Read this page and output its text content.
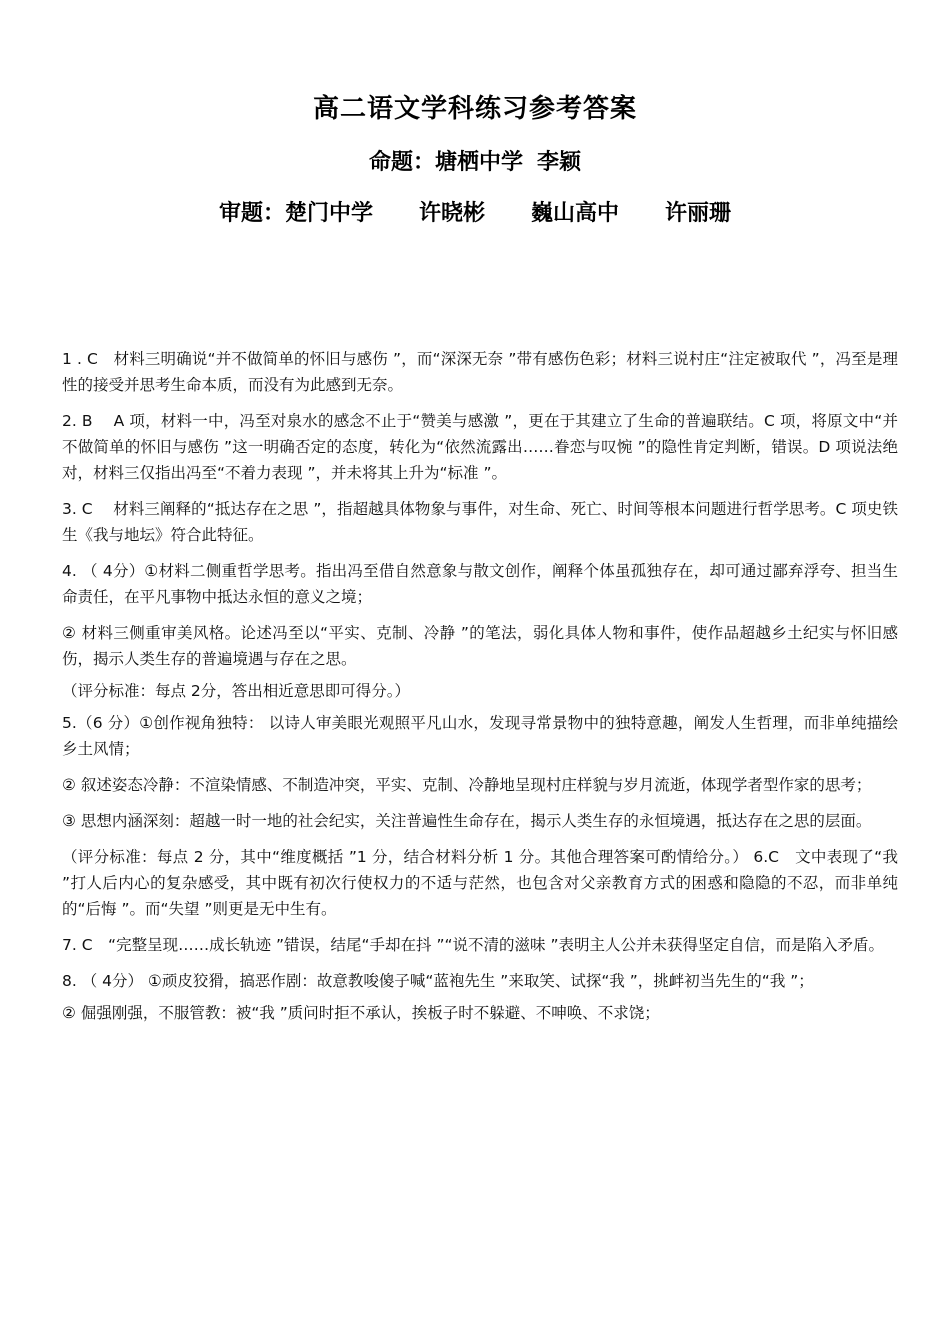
高二语文学科练习参考答案
命题：塘栖中学 李颖
审题：楚门中学 许晓彬 巍山高中 许丽珊

1 . C　材料三明确说“并不做简单的怀旧与感伤 ”，而“深深无奈 ”带有感伤色彩；材料三说村庄“注定被取代 ”，冯至是理性的接受并思考生命本质，而没有为此感到无奈。

2. B　 A 项，材料一中，冯至对泉水的感念不止于“赞美与感激 ”，更在于其建立了生命的普遍联结。C 项，将原文中“并不做简单的怀旧与感伤 ”这一明确否定的态度，转化为“依然流露出……眷恋与叹惋 ”的隐性肯定判断，错误。D 项说法绝对，材料三仅指出冯至“不着力表现 ”，并未将其上升为“标准 ”。

3. C　 材料三阐释的“抵达存在之思 ”，指超越具体物象与事件，对生命、死亡、时间等根本问题进行哲学思考。C 项史铁生《我与地坛》符合此特征。

4. （ 4分）①材料二侧重哲学思考。指出冯至借自然意象与散文创作，阐释个体虽孤独存在，却可通过鄙弃浮夸、担当生命责任，在平凡事物中抵达永恒的意义之境；

② 材料三侧重审美风格。论述冯至以“平实、克制、冷静 ”的笔法，弱化具体人物和事件，使作品超越乡土纪实与怀旧感伤，揭示人类生存的普遍境遇与存在之思。

（评分标准：每点 2分，答出相近意思即可得分。）

5.（6 分）①创作视角独特： 以诗人审美眼光观照平凡山水，发现寻常景物中的独特意趣，阐发人生哲理，而非单纯描绘乡土风情；

② 叙述姿态冷静：不渲染情感、不制造冲突，平实、克制、冷静地呈现村庄样貌与岁月流逝，体现学者型作家的思考；

③ 思想内涵深刻：超越一时一地的社会纪实，关注普遍性生命存在，揭示人类生存的永恒境遇，抵达存在之思的层面。

（评分标准：每点 2 分，其中“维度概括 ”1 分，结合材料分析 1 分。其他合理答案可酌情给分。） 6.C　文中表现了“我 ”打人后内心的复杂感受，其中既有初次行使权力的不适与茫然，也包含对父亲教育方式的困惑和隐隐的不忍，而非单纯的“后悔 ”。而“失望 ”则更是无中生有。

7. C　“完整呈现……成长轨迹 ”错误，结尾“手却在抖 ”“说不清的滋味 ”表明主人公并未获得坚定自信，而是陷入矛盾。

8. （ 4分） ①顽皮狡猾，搞恶作剧：故意教唆傻子喊“蓝袍先生 ”来取笑、试探“我 ”，挑衅初当先生的“我 ”；

② 倔强刚强，不服管教：被“我 ”质问时拒不承认，挨板子时不躲避、不呻唤、不求饶；
